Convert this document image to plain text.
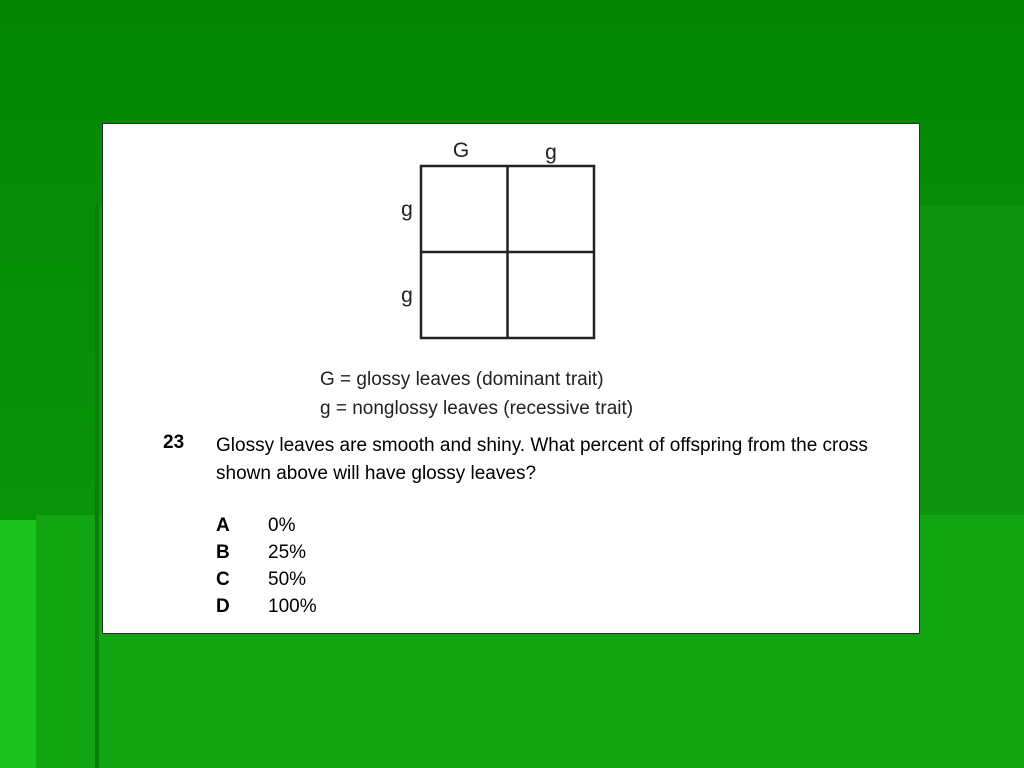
G	g
g
g
G = glossy leaves (dominant trait)
g = nonglossy leaves (recessive trait)
23 Glossy leaves are smooth and shiny. What percent of offspring from the cross shown above will have glossy leaves?
A 0%
B 25%
C 50%
D 100%
